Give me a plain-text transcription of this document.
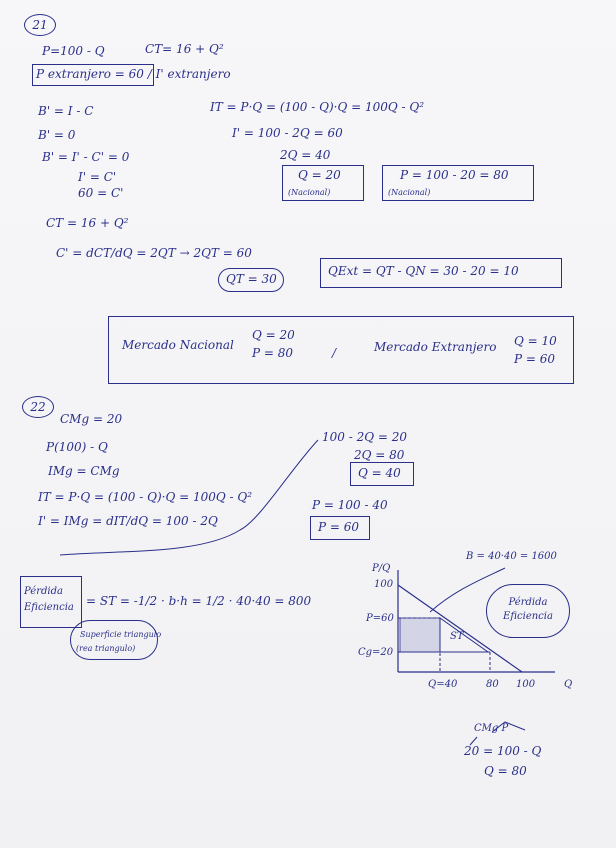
21
P=100 - Q	CT= 16 + Q²
P extranjero = 60 / I' extranjero
B' = I - C
B' = 0
B' = I' - C' = 0
I' = C'
60 = C'
IT = P·Q = (100 - Q)·Q = 100Q - Q²
I' = 100 - 2Q = 60
2Q = 40
Q = 20
(Nacional)
P = 100 - 20 = 80
(Nacional)
CT = 16 + Q²
C' = dCT/dQ = 2QT → 2QT = 60
QT = 30
QExt = QT - QN = 30 - 20 = 10
Mercado Nacional
Q = 20
P = 80	/	Mercado Extranjero Q = 10
P = 60
22
CMg = 20
P(100) - Q
IMg = CMg
IT = P·Q = (100 - Q)·Q = 100Q - Q²
I' = IMg = dIT/dQ = 100 - 2Q
100 - 2Q = 20
2Q = 80
Q = 40
P = 100 - 40
P = 60
Pérdida Eficiencia	= ST = -1/2 · b·h = 1/2 · 40·40 = 800
Superficie triangulo
(rea triangulo)
P/Q
100
P=60
Cg=20
Q=40	80 100	Q
ST
B = 40·40 = 1600
Pérdida Eficiencia
CMg P
20 = 100 - Q
Q = 80
